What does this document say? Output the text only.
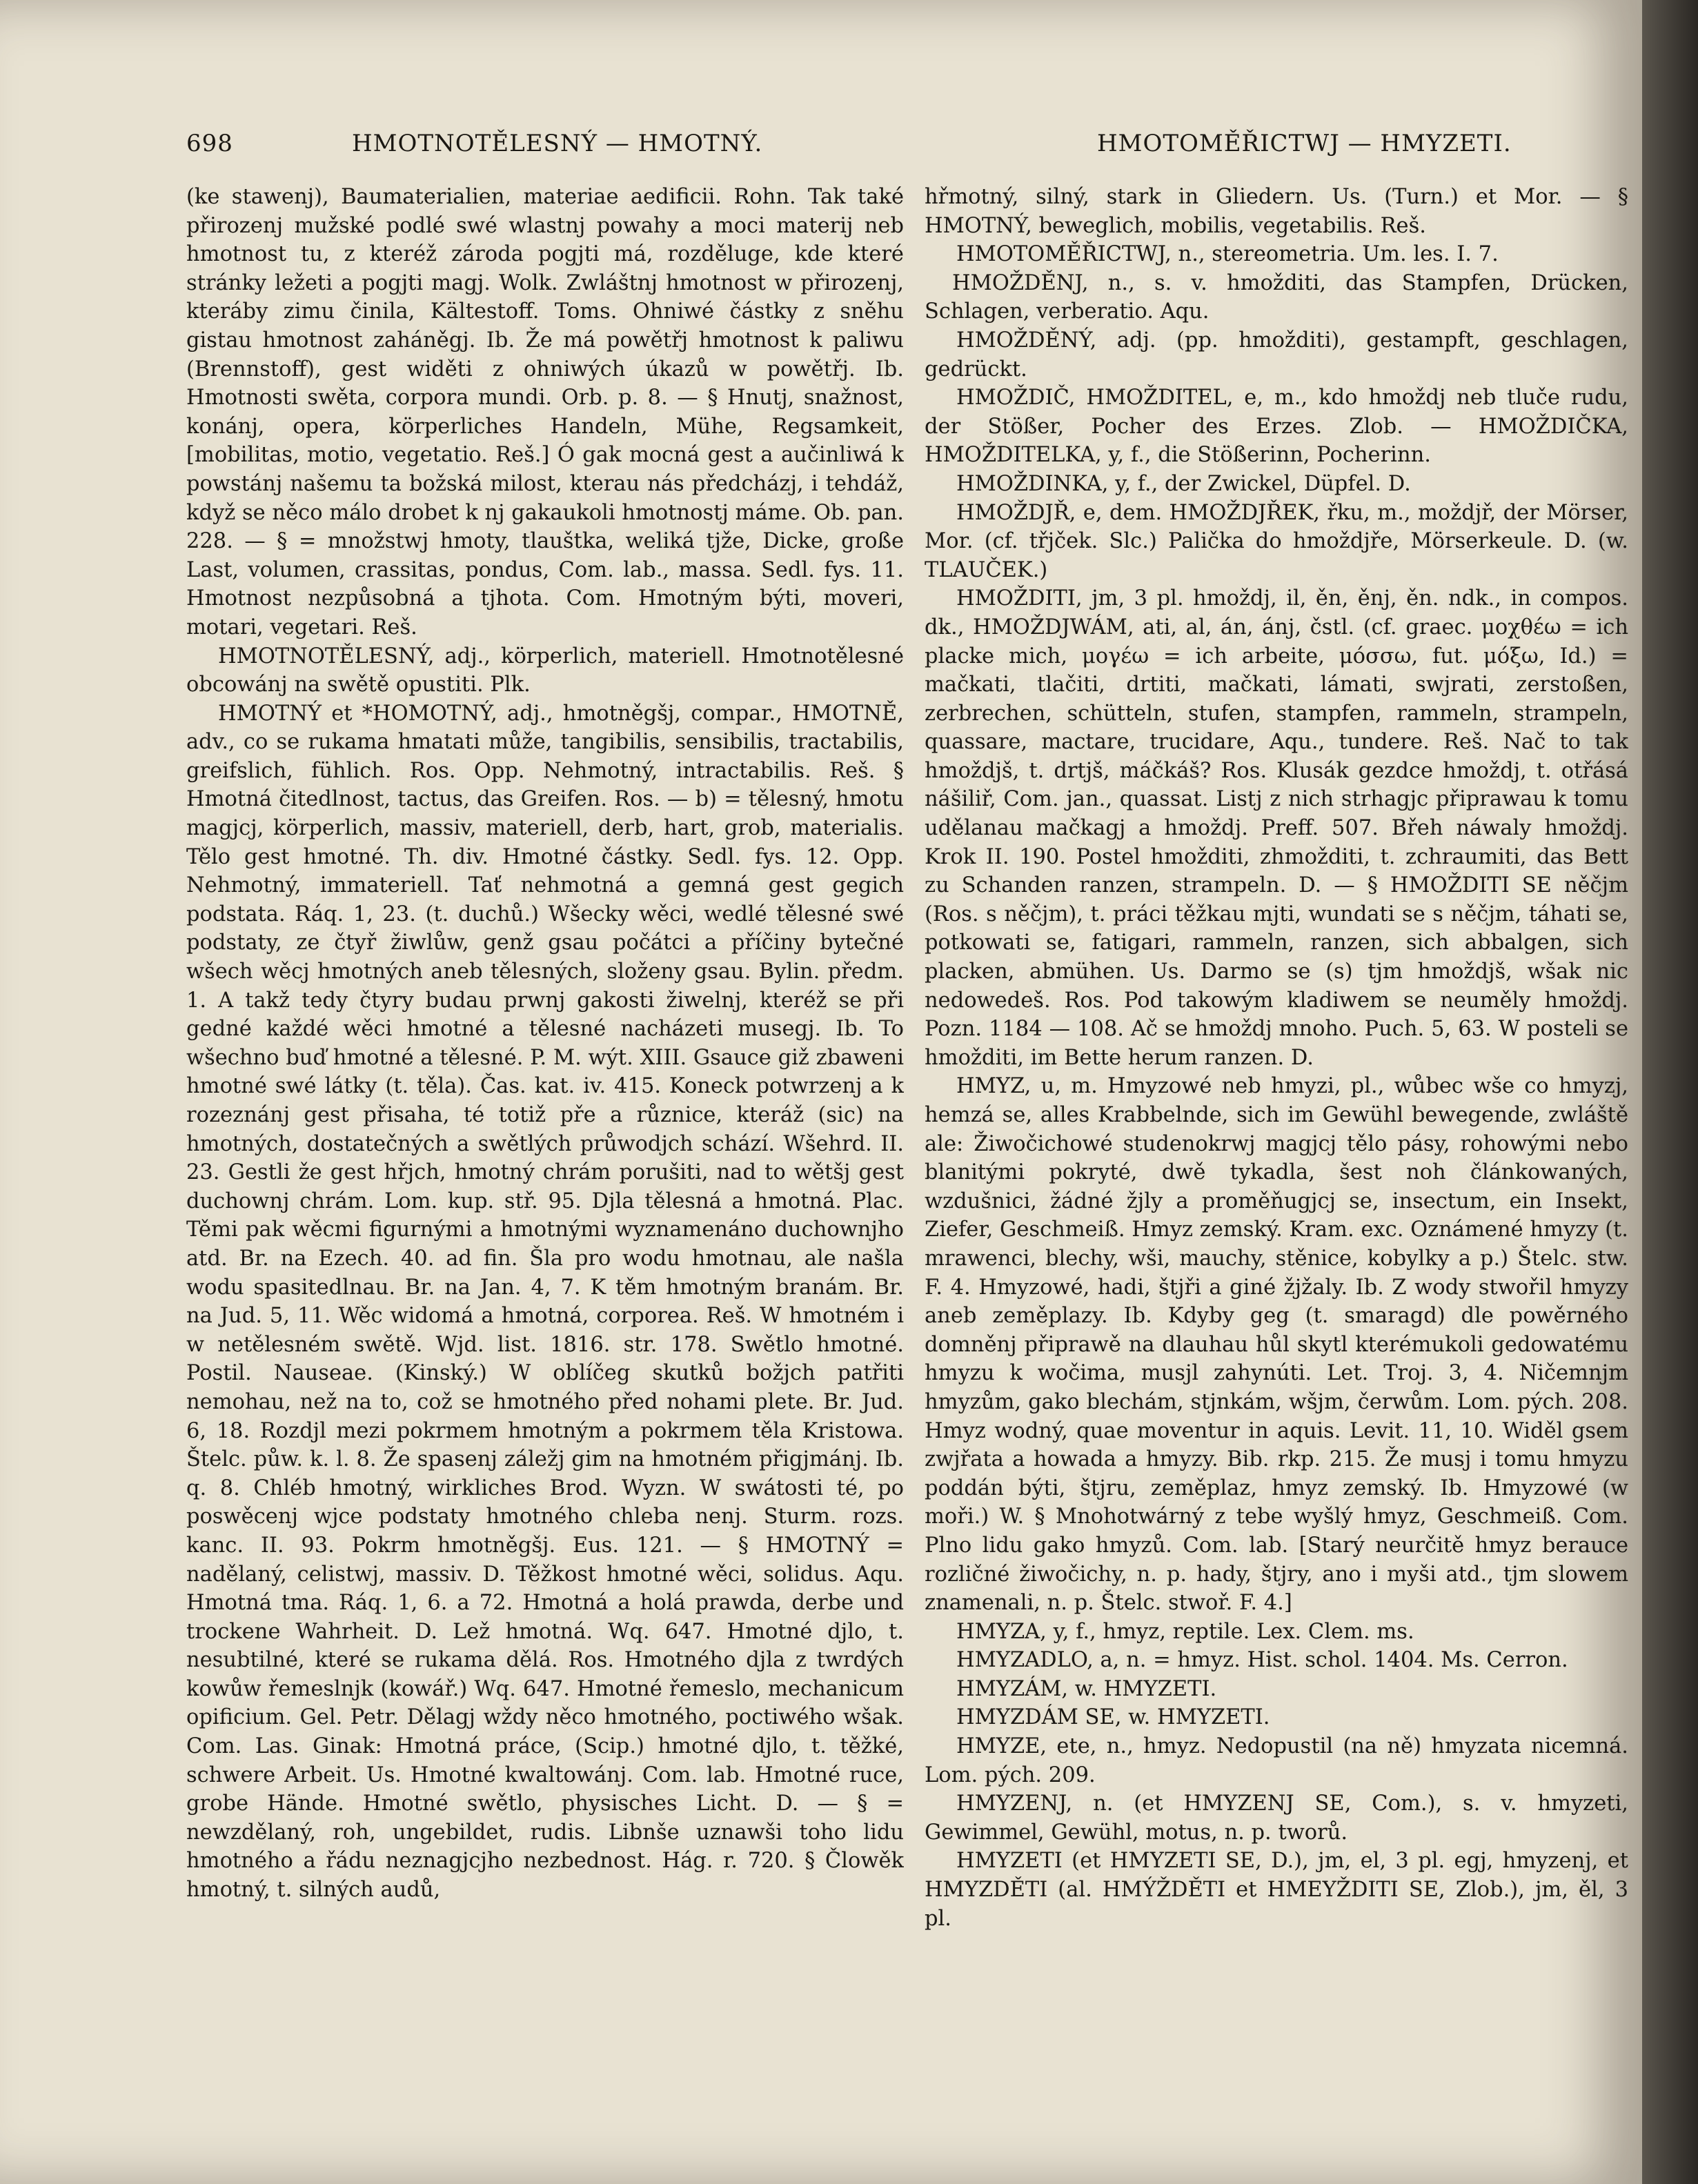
698	HMOTNOTĚLESNÝ — HMOTNÝ.	HMOTOMĚŘICTWJ — HMYZETI.

(ke stawenj), Baumaterialien, materiae aedificii. Rohn. Tak také přirozenj mužské podlé swé wlastnj powahy a moci materij neb hmotnost tu, z kteréž zároda pogjti má, rozděluge, kde které stránky ležeti a pogjti magj. Wolk. Zwláštnj hmotnost w přirozenj, kteráby zimu činila, Kältestoff. Toms. Ohniwé částky z sněhu gistau hmotnost zaháněgj. Ib. Že má powětřj hmotnost k paliwu (Brennstoff), gest widěti z ohniwých úkazů w powětřj. Ib. Hmotnosti swěta, corpora mundi. Orb. p. 8. — § Hnutj, snažnost, konánj, opera, körperliches Handeln, Mühe, Regsamkeit, [mobilitas, motio, vegetatio. Reš.] Ó gak mocná gest a aučinliwá k powstánj našemu ta božská milost, kterau nás předcházj, i tehdáž, když se něco málo drobet k nj gakaukoli hmotnostj máme. Ob. pan. 228. — § = množstwj hmoty, tlauštka, weliká tjže, Dicke, große Last, volumen, crassitas, pondus, Com. lab., massa. Sedl. fys. 11. Hmotnost nezpůsobná a tjhota. Com. Hmotným býti, moveri, motari, vegetari. Reš.

HMOTNOTĚLESNÝ, adj., körperlich, materiell. Hmotnotělesné obcowánj na swětě opustiti. Plk.

HMOTNÝ et *HOMOTNÝ, adj., hmotněgšj, compar., HMOTNĚ, adv., co se rukama hmatati může, tangibilis, sensibilis, tractabilis, greifslich, fühlich. Ros. Opp. Nehmotný, intractabilis. Reš. § Hmotná čitedlnost, tactus, das Greifen. Ros. — b) = tělesný, hmotu magjcj, körperlich, massiv, materiell, derb, hart, grob, materialis. Tělo gest hmotné. Th. div. Hmotné částky. Sedl. fys. 12. Opp. Nehmotný, immateriell. Tať nehmotná a gemná gest gegich podstata. Ráq. 1, 23. (t. duchů.) Wšecky wěci, wedlé tělesné swé podstaty, ze čtyř žiwlůw, genž gsau počátci a příčiny bytečné wšech wěcj hmotných aneb tělesných, složeny gsau. Bylin. předm. 1. A takž tedy čtyry budau prwnj gakosti žiwelnj, kteréž se při gedné každé wěci hmotné a tělesné nacházeti musegj. Ib. To wšechno buď hmotné a tělesné. P. M. wýt. XIII. Gsauce giž zbaweni hmotné swé látky (t. těla). Čas. kat. iv. 415. Koneck potwrzenj a k rozeznánj gest přisaha, té totiž pře a různice, kteráž (sic) na hmotných, dostatečných a swětlých průwodjch schází. Wšehrd. II. 23. Gestli že gest hřjch, hmotný chrám porušiti, nad to wětšj gest duchownj chrám. Lom. kup. stř. 95. Djla tělesná a hmotná. Plac. Těmi pak wěcmi figurnými a hmotnými wyznamenáno duchownjho atd. Br. na Ezech. 40. ad fin. Šla pro wodu hmotnau, ale našla wodu spasitedlnau. Br. na Jan. 4, 7. K těm hmotným branám. Br. na Jud. 5, 11. Wěc widomá a hmotná, corporea. Reš. W hmotném i w netělesném swětě. Wjd. list. 1816. str. 178. Swětlo hmotné. Postil. Nauseae. (Kinský.) W oblíčeg skutků božjch patřiti nemohau, než na to, což se hmotného před nohami plete. Br. Jud. 6, 18. Rozdjl mezi pokrmem hmotným a pokrmem těla Kristowa. Štelc. půw. k. l. 8. Že spasenj záležj gim na hmotném přigjmánj. Ib. q. 8. Chléb hmotný, wirkliches Brod. Wyzn. W swátosti té, po poswěcenj wjce podstaty hmotného chleba nenj. Sturm. rozs. kanc. II. 93. Pokrm hmotněgšj. Eus. 121. — § HMOTNÝ = nadělaný, celistwj, massiv. D. Těžkost hmotné wěci, solidus. Aqu. Hmotná tma. Ráq. 1, 6. a 72. Hmotná a holá prawda, derbe und trockene Wahrheit. D. Lež hmotná. Wq. 647. Hmotné djlo, t. nesubtilné, které se rukama dělá. Ros. Hmotného djla z twrdých kowůw řemeslnjk (kowář.) Wq. 647. Hmotné řemeslo, mechanicum opificium. Gel. Petr. Dělagj wždy něco hmotného, poctiwého wšak. Com. Las. Ginak: Hmotná práce, (Scip.) hmotné djlo, t. těžké, schwere Arbeit. Us. Hmotné kwaltowánj. Com. lab. Hmotné ruce, grobe Hände. Hmotné swětlo, physisches Licht. D. — § = newzdělaný, roh, ungebildet, rudis. Libnše uznawši toho lidu hmotného a řádu neznagjcjho nezbednost. Hág. r. 720. § Člowěk hmotný, t. silných audů,

hřmotný, silný, stark in Gliedern. Us. (Turn.) et Mor. — § HMOTNÝ, beweglich, mobilis, vegetabilis. Reš.

HMOTOMĚŘICTWJ, n., stereometria. Um. les. I. 7.

HMOŽDĚNJ, n., s. v. hmožditi, das Stampfen, Drücken, Schlagen, verberatio. Aqu.

HMOŽDĚNÝ, adj. (pp. hmožditi), gestampft, geschlagen, gedrückt.

HMOŽDIČ, HMOŽDITEL, e, m., kdo hmoždj neb tluče rudu, der Stößer, Pocher des Erzes. Zlob. — HMOŽDIČKA, HMOŽDITELKA, y, f., die Stößerinn, Pocherinn.

HMOŽDINKA, y, f., der Zwickel, Düpfel. D.

HMOŽDJŘ, e, dem. HMOŽDJŘEK, řku, m., moždjř, der Mörser, Mor. (cf. třjček. Slc.) Palička do hmoždjře, Mörserkeule. D. (w. TLAUČEK.)

HMOŽDITI, jm, 3 pl. hmoždj, il, ěn, ěnj, ěn. ndk., in compos. dk., HMOŽDJWÁM, ati, al, án, ánj, čstl. (cf. graec. μοχθέω = ich placke mich, μογέω = ich arbeite, μόσσω, fut. μόξω, Id.) = mačkati, tlačiti, drtiti, mačkati, lámati, swjrati, zerstoßen, zerbrechen, schütteln, stufen, stampfen, rammeln, strampeln, quassare, mactare, trucidare, Aqu., tundere. Reš. Nač to tak hmoždjš, t. drtjš, máčkáš? Ros. Klusák gezdce hmoždj, t. otřásá nášiliř, Com. jan., quassat. Listj z nich strhagjc připrawau k tomu udělanau mačkagj a hmoždj. Preff. 507. Břeh náwaly hmoždj. Krok II. 190. Postel hmožditi, zhmožditi, t. zchraumiti, das Bett zu Schanden ranzen, strampeln. D. — § HMOŽDITI SE něčjm (Ros. s něčjm), t. práci těžkau mjti, wundati se s něčjm, táhati se, potkowati se, fatigari, rammeln, ranzen, sich abbalgen, sich placken, abmühen. Us. Darmo se (s) tjm hmoždjš, wšak nic nedowedeš. Ros. Pod takowým kladiwem se neuměly hmoždj. Pozn. 1184 — 108. Ač se hmoždj mnoho. Puch. 5, 63. W posteli se hmožditi, im Bette herum ranzen. D.

HMYZ, u, m. Hmyzowé neb hmyzi, pl., wůbec wše co hmyzj, hemzá se, alles Krabbelnde, sich im Gewühl bewegende, zwláště ale: Žiwočichowé studenokrwj magjcj tělo pásy, rohowými nebo blanitými pokryté, dwě tykadla, šest noh článkowaných, wzdušnici, žádné žjly a proměňugjcj se, insectum, ein Insekt, Ziefer, Geschmeiß. Hmyz zemský. Kram. exc. Oznámené hmyzy (t. mrawenci, blechy, wši, mauchy, stěnice, kobylky a p.) Štelc. stw. F. 4. Hmyzowé, hadi, štjři a giné žjžaly. Ib. Z wody stwořil hmyzy aneb zeměplazy. Ib. Kdyby geg (t. smaragd) dle powěrného domněnj připrawě na dlauhau hůl skytl kterémukoli gedowatému hmyzu k wočima, musjl zahynúti. Let. Troj. 3, 4. Ničemnjm hmyzům, gako blechám, stjnkám, wšjm, čerwům. Lom. pých. 208. Hmyz wodný, quae moventur in aquis. Levit. 11, 10. Widěl gsem zwjřata a howada a hmyzy. Bib. rkp. 215. Že musj i tomu hmyzu poddán býti, štjru, zeměplaz, hmyz zemský. Ib. Hmyzowé (w moři.) W. § Mnohotwárný z tebe wyšlý hmyz, Geschmeiß. Com. Plno lidu gako hmyzů. Com. lab. [Starý neurčitě hmyz berauce rozličné žiwočichy, n. p. hady, štjry, ano i myši atd., tjm slowem znamenali, n. p. Štelc. stwoř. F. 4.]

HMYZA, y, f., hmyz, reptile. Lex. Clem. ms.

HMYZADLO, a, n. = hmyz. Hist. schol. 1404. Ms. Cerron.

HMYZÁM, w. HMYZETI.

HMYZDÁM SE, w. HMYZETI.

HMYZE, ete, n., hmyz. Nedopustil (na ně) hmyzata nicemná. Lom. pých. 209.

HMYZENJ, n. (et HMYZENJ SE, Com.), s. v. hmyzeti, Gewimmel, Gewühl, motus, n. p. tworů.

HMYZETI (et HMYZETI SE, D.), jm, el, 3 pl. egj, hmyzenj, et HMYZDĚTI (al. HMÝŽDĚTI et HMEYŽDITI SE, Zlob.), jm, ěl, 3 pl.
